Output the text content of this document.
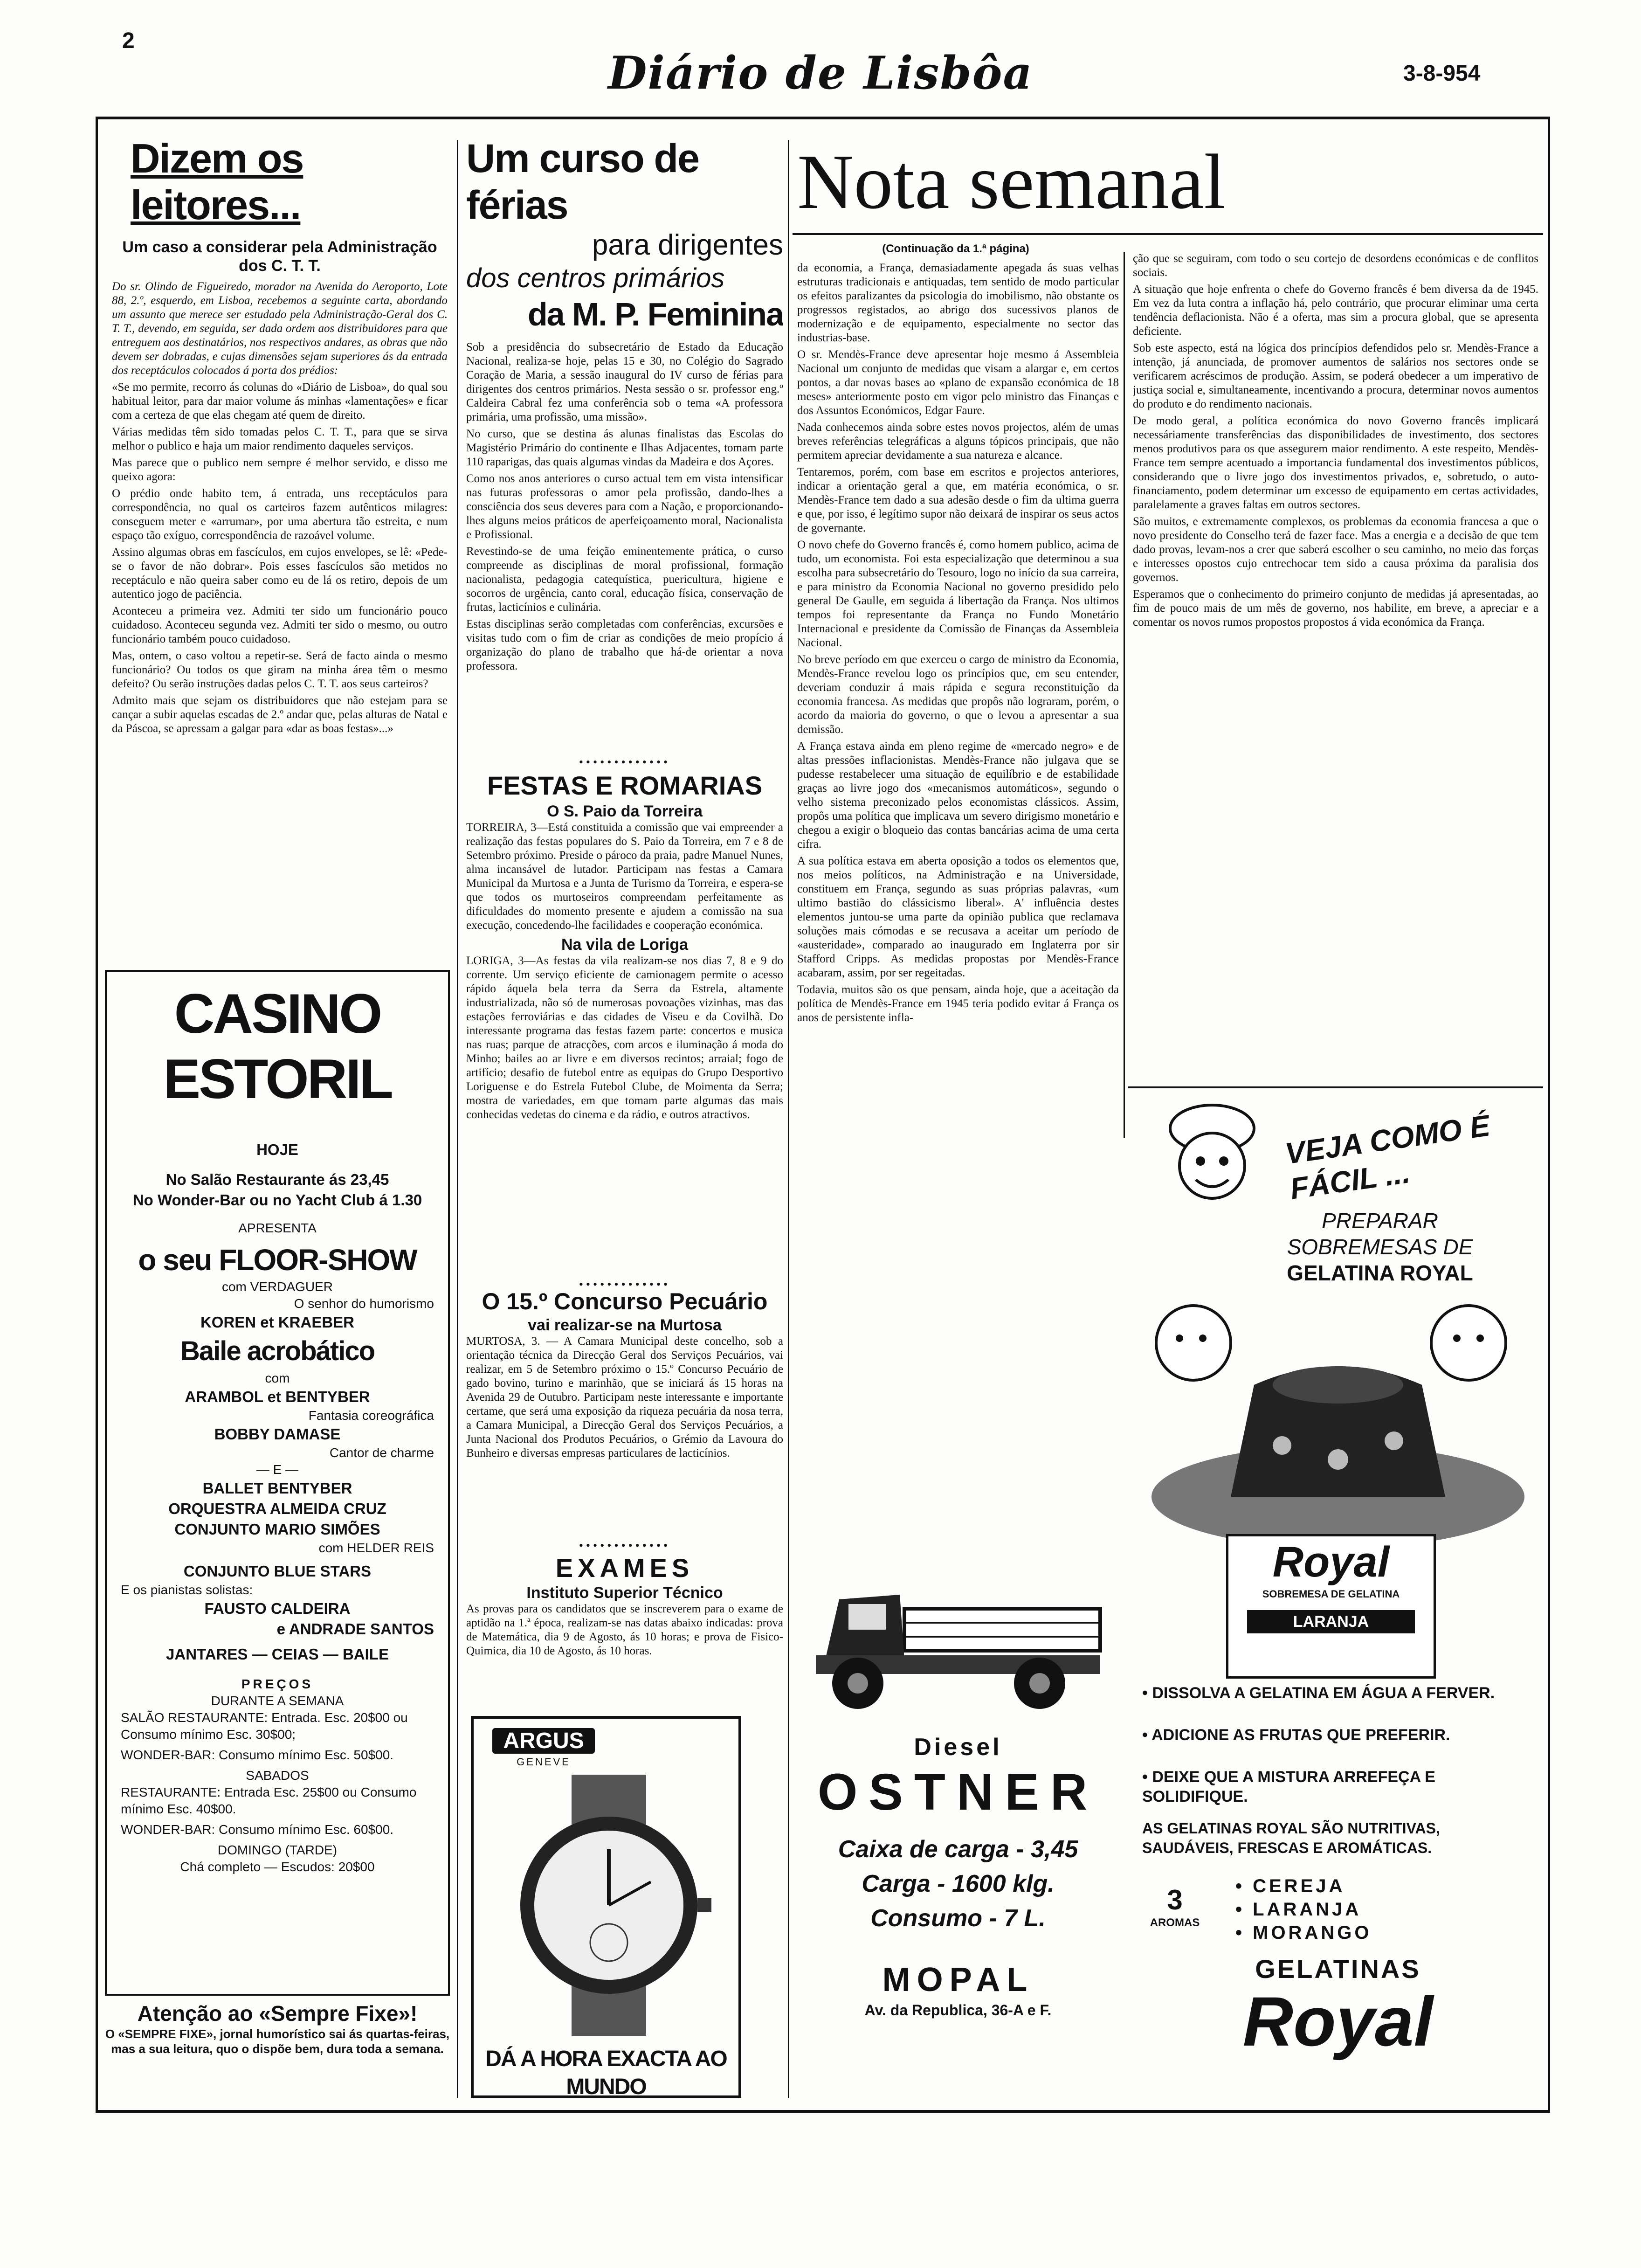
2
Diário de Lisbôa	3-8-954
Dizem os leitores...
Um caso a considerar pela Administração dos C. T. T.

Do sr. Olindo de Figueiredo, morador na Avenida do Aeroporto, Lote 88, 2.º, esquerdo, em Lisboa, recebemos a seguinte carta, abordando um assunto que merece ser estudado pela Administração-Geral dos C. T. T., devendo, em seguida, ser dada ordem aos distribuidores para que entreguem aos destinatários, nos respectivos andares, as obras que não devem ser dobradas, e cujas dimensões sejam superiores ás da entrada dos receptáculos colocados á porta dos prédios:

«Se mo permite, recorro ás colunas do «Diário de Lisboa», do qual sou habitual leitor, para dar maior volume ás minhas «lamentações» e ficar com a certeza de que elas chegam até quem de direito.

Várias medidas têm sido tomadas pelos C. T. T., para que se sirva melhor o publico e haja um maior rendimento daqueles serviços.

Mas parece que o publico nem sempre é melhor servido, e disso me queixo agora:

O prédio onde habito tem, á entrada, uns receptáculos para correspondência, no qual os carteiros fazem autênticos milagres: conseguem meter e «arrumar», por uma abertura tão estreita, e num espaço tão exíguo, correspondência de razoável volume.

Assino algumas obras em fascículos, em cujos envelopes, se lê: «Pede-se o favor de não dobrar». Pois esses fascículos são metidos no receptáculo e não queira saber como eu de lá os retiro, depois de um autentico jogo de paciência.

Aconteceu a primeira vez. Admiti ter sido um funcionário pouco cuidadoso. Aconteceu segunda vez. Admiti ter sido o mesmo, ou outro funcionário também pouco cuidadoso.

Mas, ontem, o caso voltou a repetir-se. Será de facto ainda o mesmo funcionário? Ou todos os que giram na minha área têm o mesmo defeito? Ou serão instruções dadas pelos C. T. T. aos seus carteiros?

Admito mais que sejam os distribuidores que não estejam para se cançar a subir aquelas escadas de 2.º andar que, pelas alturas de Natal e da Páscoa, se apressam a galgar para «dar as boas festas»...»

CASINO ESTORIL
HOJE
No Salão Restaurante ás 23,45
No Wonder-Bar ou no Yacht Club á 1.30
APRESENTA
o seu FLOOR-SHOW
com VERDAGUER
O senhor do humorismo
KOREN et KRAEBER
Baile acrobático
com
ARAMBOL et BENTYBER
Fantasia coreográfica
BOBBY DAMASE
Cantor de charme
— E —
BALLET BENTYBER
ORQUESTRA ALMEIDA CRUZ
CONJUNTO MARIO SIMÕES
com HELDER REIS
CONJUNTO BLUE STARS
E os pianistas solistas:
FAUSTO CALDEIRA
e ANDRADE SANTOS
JANTARES — CEIAS — BAILE
PREÇOS
DURANTE A SEMANA
SALÃO RESTAURANTE: Entrada. Esc. 20$00 ou Consumo mínimo Esc. 30$00;
WONDER-BAR: Consumo mínimo Esc. 50$00.
SABADOS
RESTAURANTE: Entrada Esc. 25$00 ou Consumo mínimo Esc. 40$00.
WONDER-BAR: Consumo mínimo Esc. 60$00.
DOMINGO (TARDE)
Chá completo — Escudos: 20$00
Atenção ao «Sempre Fixe»!
O «SEMPRE FIXE», jornal humorístico sai ás quartas-feiras, mas a sua leitura, quo o dispõe bem, dura toda a semana.
Um curso de férias
para dirigentes
dos centros primários
da M. P. Feminina

Sob a presidência do subsecretário de Estado da Educação Nacional, realiza-se hoje, pelas 15 e 30, no Colégio do Sagrado Coração de Maria, a sessão inaugural do IV curso de férias para dirigentes dos centros primários. Nesta sessão o sr. professor eng.º Caldeira Cabral fez uma conferência sob o tema «A professora primária, uma profissão, uma missão».

No curso, que se destina ás alunas finalistas das Escolas do Magistério Primário do continente e Ilhas Adjacentes, tomam parte 110 raparigas, das quais algumas vindas da Madeira e dos Açores.

Como nos anos anteriores o curso actual tem em vista intensificar nas futuras professoras o amor pela profissão, dando-lhes a consciência dos seus deveres para com a Nação, e proporcionando-lhes alguns meios práticos de aperfeiçoamento moral, Nacionalista e Profissional.

Revestindo-se de uma feição eminentemente prática, o curso compreende as disciplinas de moral profissional, formação nacionalista, pedagogia catequística, puericultura, higiene e socorros de urgência, canto coral, educação física, conservação de frutas, lacticínios e culinária.

Estas disciplinas serão completadas com conferências, excursões e visitas tudo com o fim de criar as condições de meio propício á organização do plano de trabalho que há-de orientar a nova professora.

•••••••••••••
FESTAS E ROMARIAS
O S. Paio da Torreira

TORREIRA, 3—Está constituida a comissão que vai empreender a realização das festas populares do S. Paio da Torreira, em 7 e 8 de Setembro próximo. Preside o pároco da praia, padre Manuel Nunes, alma incansável de lutador. Participam nas festas a Camara Municipal da Murtosa e a Junta de Turismo da Torreira, e espera-se que todos os murtoseiros compreendam perfeitamente as dificuldades do momento presente e ajudem a comissão na sua execução, concedendo-lhe facilidades e cooperação económica.

Na vila de Loriga

LORIGA, 3—As festas da vila realizam-se nos dias 7, 8 e 9 do corrente. Um serviço eficiente de camionagem permite o acesso rápido áquela bela terra da Serra da Estrela, altamente industrializada, não só de numerosas povoações vizinhas, mas das estações ferroviárias e das cidades de Viseu e da Covilhã. Do interessante programa das festas fazem parte: concertos e musica nas ruas; parque de atracções, com arcos e iluminação á moda do Minho; bailes ao ar livre e em diversos recintos; arraial; fogo de artifício; desafio de futebol entre as equipas do Grupo Desportivo Loriguense e do Estrela Futebol Clube, de Moimenta da Serra; mostra de variedades, em que tomam parte algumas das mais conhecidas vedetas do cinema e da rádio, e outros atractivos.

•••••••••••••
O 15.º Concurso Pecuário
vai realizar-se na Murtosa

MURTOSA, 3. — A Camara Municipal deste concelho, sob a orientação técnica da Direcção Geral dos Serviços Pecuários, vai realizar, em 5 de Setembro próximo o 15.º Concurso Pecuário de gado bovino, turino e marinhão, que se iniciará ás 15 horas na Avenida 29 de Outubro. Participam neste interessante e importante certame, que será uma exposição da riqueza pecuária da nosa terra, a Camara Municipal, a Direcção Geral dos Serviços Pecuários, a Junta Nacional dos Produtos Pecuários, o Grémio da Lavoura do Bunheiro e diversas empresas particulares de lacticínios.

•••••••••••••
EXAMES
Instituto Superior Técnico

As provas para os candidatos que se inscreverem para o exame de aptidão na 1.ª época, realizam-se nas datas abaixo indicadas: prova de Matemática, dia 9 de Agosto, ás 10 horas; e prova de Fisico-Quimica, dia 10 de Agosto, ás 10 horas.

ARGUS
GENEVE
DÁ A HORA EXACTA AO MUNDO
Nota semanal
(Continuação da 1.ª página)

da economia, a França, demasiadamente apegada ás suas velhas estruturas tradicionais e antiquadas, tem sentido de modo particular os efeitos paralizantes da psicologia do imobilismo, não obstante os progressos registados, ao abrigo dos sucessivos planos de modernização e de equipamento, especialmente no sector das industrias-base.

O sr. Mendès-France deve apresentar hoje mesmo á Assembleia Nacional um conjunto de medidas que visam a alargar e, em certos pontos, a dar novas bases ao «plano de expansão económica de 18 meses» anteriormente posto em vigor pelo ministro das Finanças e dos Assuntos Económicos, Edgar Faure.

Nada conhecemos ainda sobre estes novos projectos, além de umas breves referências telegráficas a alguns tópicos principais, que não permitem apreciar devidamente a sua natureza e alcance.

Tentaremos, porém, com base em escritos e projectos anteriores, indicar a orientação geral a que, em matéria económica, o sr. Mendès-France tem dado a sua adesão desde o fim da ultima guerra e que, por isso, é legítimo supor não deixará de inspirar os seus actos de governante.

O novo chefe do Governo francês é, como homem publico, acima de tudo, um economista. Foi esta especialização que determinou a sua escolha para subsecretário do Tesouro, logo no início da sua carreira, e para ministro da Economia Nacional no governo presidido pelo general De Gaulle, em seguida á libertação da França. Nos ultimos tempos foi representante da França no Fundo Monetário Internacional e presidente da Comissão de Finanças da Assembleia Nacional.

No breve período em que exerceu o cargo de ministro da Economia, Mendès-France revelou logo os princípios que, em seu entender, deveriam conduzir á mais rápida e segura reconstituição da economia francesa. As medidas que propôs não lograram, porém, o acordo da maioria do governo, o que o levou a apresentar a sua demissão.

A França estava ainda em pleno regime de «mercado negro» e de altas pressões inflacionistas. Mendès-France não julgava que se pudesse restabelecer uma situação de equilíbrio e de estabilidade graças ao livre jogo dos «mecanismos automáticos», segundo o velho sistema preconizado pelos economistas clássicos. Assim, propôs uma política que implicava um severo dirigismo monetário e chegou a exigir o bloqueio das contas bancárias acima de uma certa cifra.

A sua política estava em aberta oposição a todos os elementos que, nos meios políticos, na Administração e na Universidade, constituem em França, segundo as suas próprias palavras, «um ultimo bastião do clássicismo liberal». A' influência destes elementos juntou-se uma parte da opinião publica que reclamava soluções mais cómodas e se recusava a aceitar um período de «austeridade», comparado ao inaugurado em Inglaterra por sir Stafford Cripps. As medidas propostas por Mendès-France acabaram, assim, por ser regeitadas.

Todavia, muitos são os que pensam, ainda hoje, que a aceitação da política de Mendès-France em 1945 teria podido evitar á França os anos de persistente infla-

ção que se seguiram, com todo o seu cortejo de desordens económicas e de conflitos sociais.

A situação que hoje enfrenta o chefe do Governo francês é bem diversa da de 1945. Em vez da luta contra a inflação há, pelo contrário, que procurar eliminar uma certa tendência deflacionista. Não é a oferta, mas sim a procura global, que se apresenta deficiente.

Sob este aspecto, está na lógica dos princípios defendidos pelo sr. Mendès-France a intenção, já anunciada, de promover aumentos de salários nos sectores onde se verificarem acréscimos de produção. Assim, se poderá obedecer a um imperativo de justiça social e, simultaneamente, incentivando a procura, determinar novos aumentos do produto e do rendimento nacionais.

De modo geral, a política económica do novo Governo francês implicará necessáriamente transferências das disponibilidades de investimento, dos sectores menos produtivos para os que assegurem maior rendimento. A este respeito, Mendès-France tem sempre acentuado a importancia fundamental dos investimentos públicos, considerando que o livre jogo dos investimentos privados, e, sobretudo, o auto-financiamento, podem determinar um excesso de equipamento em certas actividades, paralelamente a graves faltas em outros sectores.

São muitos, e extremamente complexos, os problemas da economia francesa a que o novo presidente do Conselho terá de fazer face. Mas a energia e a decisão de que tem dado provas, levam-nos a crer que saberá escolher o seu caminho, no meio das forças e interesses opostos cujo entrechocar tem sido a causa próxima da paralisia dos governos.

Esperamos que o conhecimento do primeiro conjunto de medidas já apresentadas, ao fim de pouco mais de um mês de governo, nos habilite, em breve, a apreciar e a comentar os novos rumos propostos propostos á vida económica da França.

Diesel
OSTNER
Caixa de carga - 3,45
Carga - 1600 klg.
Consumo - 7 L.
MOPAL
Av. da Republica, 36-A e F.
VEJA COMO É FÁCIL ...
PREPARAR
SOBREMESAS DE
GELATINA ROYAL
Royal
SOBREMESA DE GELATINA
LARANJA
• DISSOLVA A GELATINA EM ÁGUA A FERVER.
• ADICIONE AS FRUTAS QUE PREFERIR.
• DEIXE QUE A MISTURA ARREFEÇA E SOLIDIFIQUE.
AS GELATINAS ROYAL SÃO NUTRITIVAS, SAUDÁVEIS, FRESCAS E AROMÁTICAS.
3
AROMAS
• CEREJA
• LARANJA
• MORANGO
GELATINAS
Royal
